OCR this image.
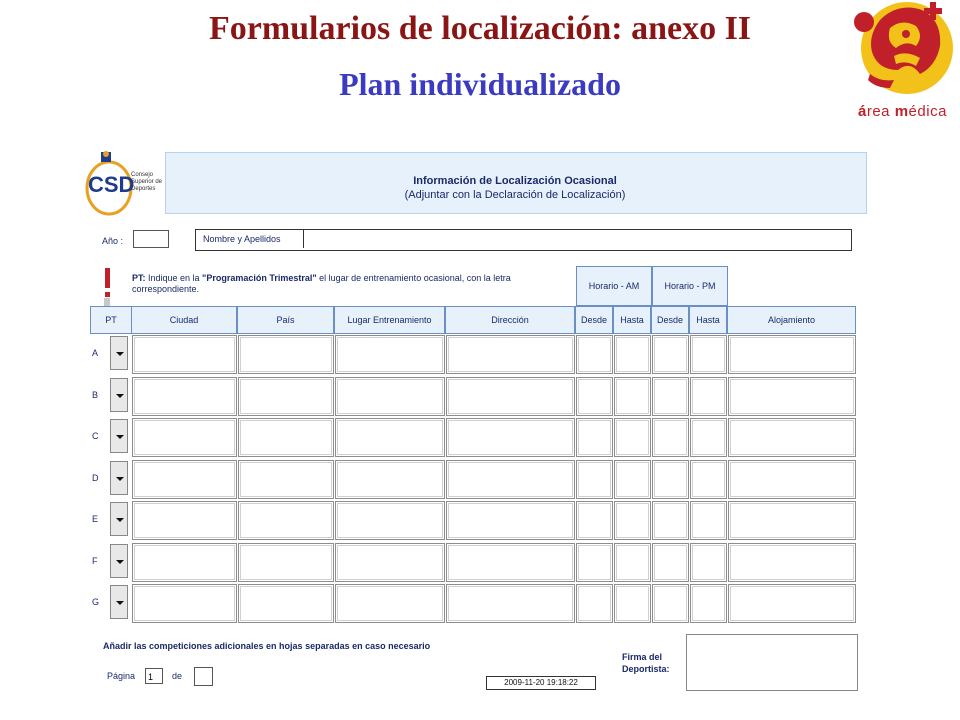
Formularios de localización: anexo II
Plan individualizado
área médica
CSD
Consejo
Superior de
Deportes
Información de Localización Ocasional
(Adjuntar con la Declaración de Localización)
Año :	Nombre y Apellidos
PT: Indique en la "Programación Trimestral" el lugar de entrenamiento ocasional, con la letra correspondiente.	Horario - AM	Horario - PM
PT	Ciudad	País	Lugar Entrenamiento	Dirección	Desde	Hasta	Desde	Hasta	Alojamiento
A
B
C
D
E
F
G
Añadir las competiciones adicionales en hojas separadas en caso necesario
Firma del
Deportista:
Página	1	de
2009-11-20 19:18:22
